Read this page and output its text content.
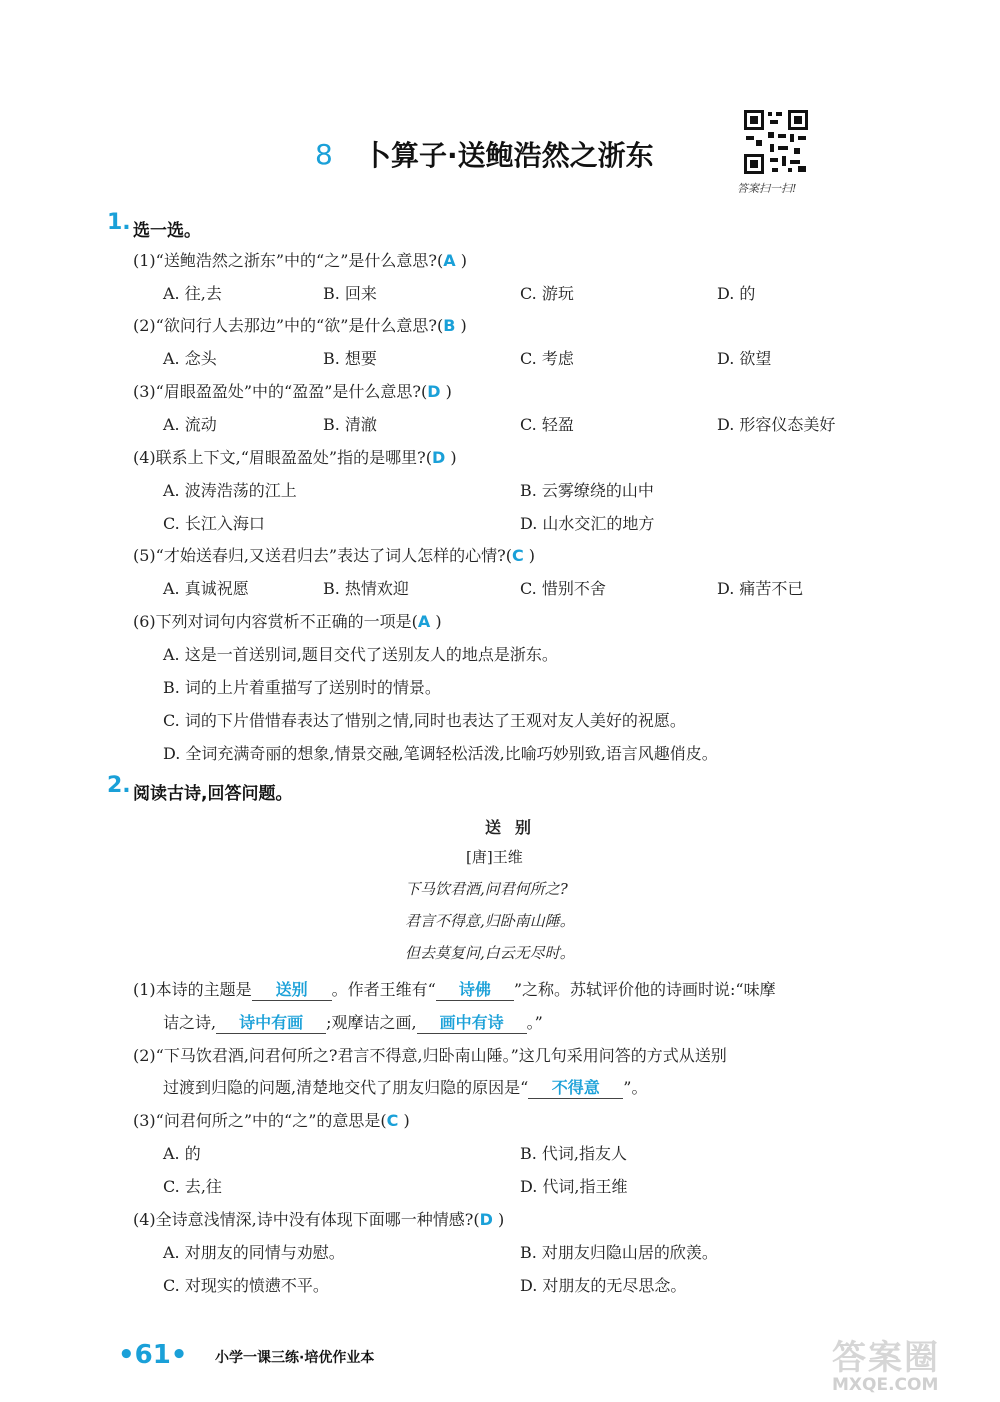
8 卜算子·送鲍浩然之浙东
答案扫一扫!
1. 选一选。
(1)“送鲍浩然之浙东”中的“之”是什么意思?(A )
A. 往,去	B. 回来	C. 游玩	D. 的
(2)“欲问行人去那边”中的“欲”是什么意思?(B )
A. 念头	B. 想要	C. 考虑	D. 欲望
(3)“眉眼盈盈处”中的“盈盈”是什么意思?(D )
A. 流动	B. 清澈	C. 轻盈	D. 形容仪态美好
(4)联系上下文,“眉眼盈盈处”指的是哪里?(D )
A. 波涛浩荡的江上	B. 云雾缭绕的山中
C. 长江入海口	D. 山水交汇的地方
(5)“才始送春归,又送君归去”表达了词人怎样的心情?(C )
A. 真诚祝愿	B. 热情欢迎	C. 惜别不舍	D. 痛苦不已
(6)下列对词句内容赏析不正确的一项是(A )
A. 这是一首送别词,题目交代了送别友人的地点是浙东。
B. 词的上片着重描写了送别时的情景。
C. 词的下片借惜春表达了惜别之情,同时也表达了王观对友人美好的祝愿。
D. 全词充满奇丽的想象,情景交融,笔调轻松活泼,比喻巧妙别致,语言风趣俏皮。
2. 阅读古诗,回答问题。
送别
[唐]王维
下马饮君酒,问君何所之?
君言不得意,归卧南山陲。
但去莫复问,白云无尽时。
(1)本诗的主题是 送别 。作者王维有“ 诗佛 ”之称。苏轼评价他的诗画时说:“味摩
诘之诗, 诗中有画 ;观摩诘之画, 画中有诗 。”
(2)“下马饮君酒,问君何所之?君言不得意,归卧南山陲。”这几句采用问答的方式从送别
过渡到归隐的问题,清楚地交代了朋友归隐的原因是“ 不得意 ”。
(3)“问君何所之”中的“之”的意思是(C )
A. 的	B. 代词,指友人
C. 去,往	D. 代词,指王维
(4)全诗意浅情深,诗中没有体现下面哪一种情感?(D )
A. 对朋友的同情与劝慰。	B. 对朋友归隐山居的欣羡。
C. 对现实的愤懑不平。	D. 对朋友的无尽思念。
•61• 小学一课三练·培优作业本	答案圈
MXQE.COM
